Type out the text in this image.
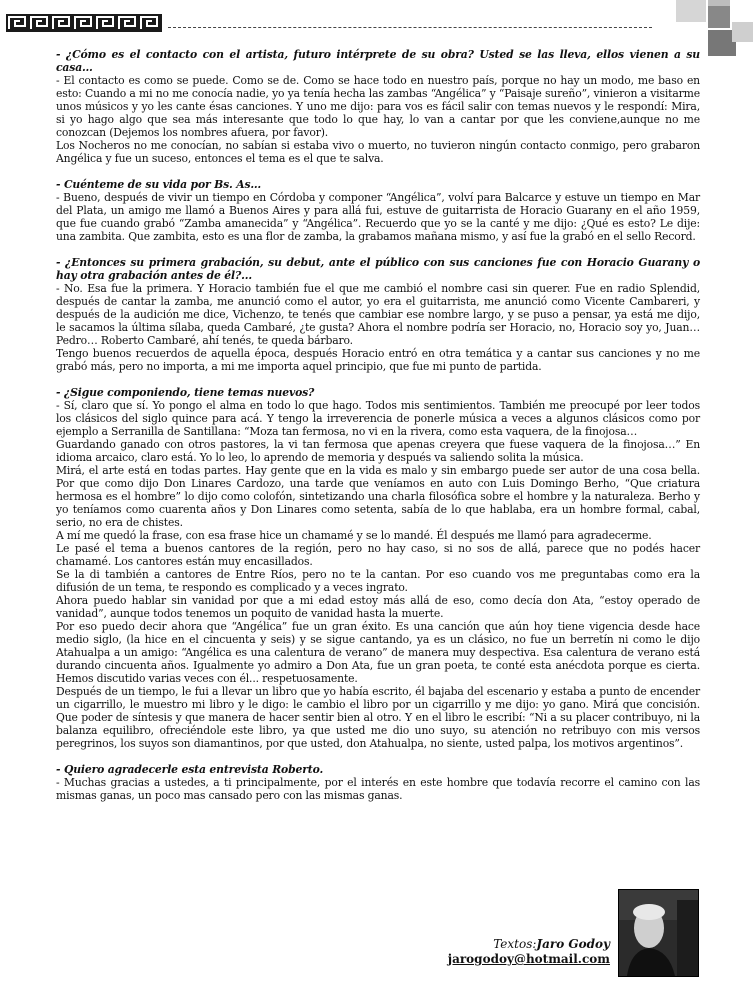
- ¿Cómo es el contacto con el artista, futuro intérprete de su obra? Usted se las lleva, ellos vienen a su casa…

- El contacto es como se puede. Como se de. Como se hace todo en nuestro país, porque no hay un modo, me baso en esto: Cuando a mi no me conocía nadie, yo ya tenía hecha las zambas “Angélica” y “Paisaje sureño”, vinieron a visitarme unos músicos y yo les cante ésas canciones. Y uno me dijo: para vos es fácil salir con temas nuevos y le respondí: Mira, si yo hago algo que sea más interesante que todo lo que hay, lo van a cantar por que les conviene,aunque no me conozcan (Dejemos los nombres afuera, por favor).

Los Nocheros no me conocían, no sabían si estaba vivo o muerto, no tuvieron ningún contacto conmigo, pero grabaron Angélica y fue un suceso, entonces el tema es el que te salva.

- Cuénteme de su vida por Bs. As…

- Bueno, después de vivir un tiempo en Córdoba y componer “Angélica”, volví para Balcarce y estuve un tiempo en Mar del Plata, un amigo me llamó a Buenos Aires y para allá fui, estuve de guitarrista de Horacio Guarany en el año 1959, que fue cuando grabó “Zamba amanecida” y “Angélica”. Recuerdo que yo se la canté y me dijo: ¿Qué es esto? Le dije: una zambita. Que zambita, esto es una flor de zamba, la grabamos mañana mismo, y así fue la grabó en el sello Record.

- ¿Entonces su primera grabación, su debut, ante el público con sus canciones fue con Horacio Guarany o hay otra grabación antes de él?...

- No. Esa fue la primera. Y Horacio también fue el que me cambió el nombre casi sin querer. Fue en radio Splendid, después de cantar la zamba, me anunció como el autor, yo era el guitarrista, me anunció como Vicente Cambareri, y después de la audición me dice, Vichenzo, te tenés que cambiar ese nombre largo, y se puso a pensar, ya está me dijo, le sacamos la última sílaba, queda Cambaré, ¿te gusta? Ahora el nombre podría ser Horacio, no, Horacio soy yo, Juan… Pedro… Roberto Cambaré, ahí tenés, te queda bárbaro.

Tengo buenos recuerdos de aquella época, después Horacio entró en otra temática y a cantar sus canciones y no me grabó más, pero no importa, a mi me importa aquel principio, que fue mi punto de partida.

- ¿Sigue componiendo, tiene temas nuevos?

- Sí, claro que sí. Yo pongo el alma en todo lo que hago. Todos mis sentimientos. También me preocupé por leer todos los clásicos del siglo quince para acá. Y tengo la irreverencia de ponerle música a veces a algunos clásicos como por ejemplo a Serranilla de Santillana: “Moza tan fermosa, no vi en la rivera, como esta vaquera, de la finojosa…

Guardando ganado con otros pastores, la vi tan fermosa que apenas creyera que fuese vaquera de la finojosa…” En idioma arcaico, claro está. Yo lo leo, lo aprendo de memoria y después va saliendo solita la música.

Mirá, el arte está en todas partes. Hay gente que en la vida es malo y sin embargo puede ser autor de una cosa bella. Por que como dijo Don Linares Cardozo, una tarde que veníamos en auto con Luis Domingo Berho, “Que criatura hermosa es el hombre” lo dijo como colofón, sintetizando una charla filosófica sobre el hombre y la naturaleza. Berho y yo teníamos como cuarenta años y Don Linares como setenta, sabía de lo que hablaba, era un hombre formal, cabal, serio, no era de chistes.

A mí me quedó la frase, con esa frase hice un chamamé y se lo mandé. Él después me llamó para agradecerme.

Le pasé el tema a buenos cantores de la región, pero no hay caso, si no sos de allá, parece que no podés hacer chamamé. Los cantores están muy encasillados.

Se la di también a cantores de Entre Ríos, pero no te la cantan. Por eso cuando vos me preguntabas como era la difusión de un tema, te respondo es complicado y a veces ingrato.

Ahora puedo hablar sin vanidad por que a mi edad estoy más allá de eso, como decía don Ata, “estoy operado de vanidad”, aunque todos tenemos un poquito de vanidad hasta la muerte.

Por eso puedo decir ahora que “Angélica” fue un gran éxito. Es una canción que aún hoy tiene vigencia desde hace medio siglo, (la hice en el cincuenta y seis) y se sigue cantando, ya es un clásico, no fue un berretín ni como le dijo Atahualpa a un amigo: “Angélica es una calentura de verano” de manera muy despectiva. Esa calentura de verano está durando cincuenta años. Igualmente yo admiro a Don Ata, fue un gran poeta, te conté esta anécdota porque es cierta. Hemos discutido varias veces con él... respetuosamente.

Después de un tiempo, le fui a llevar un libro que yo había escrito, él bajaba del escenario y estaba a punto de encender un cigarrillo, le muestro mi libro y le digo: le cambio el libro por un cigarrillo y me dijo: yo gano. Mirá que concisión. Que poder de síntesis y que manera de hacer sentir bien al otro. Y en el libro le escribí: “Ni a su placer contribuyo, ni la balanza equilibro, ofreciéndole este libro, ya que usted me dio uno suyo, su atención no retribuyo con mis versos peregrinos, los suyos son diamantinos, por que usted, don Atahualpa, no siente, usted palpa, los motivos argentinos”.

- Quiero agradecerle esta entrevista Roberto.

- Muchas gracias a ustedes, a ti principalmente, por el interés en este hombre que todavía recorre el camino con las mismas ganas, un poco mas cansado pero con las mismas ganas.

Textos:Jaro Godoy
jarogodoy@hotmail.com
